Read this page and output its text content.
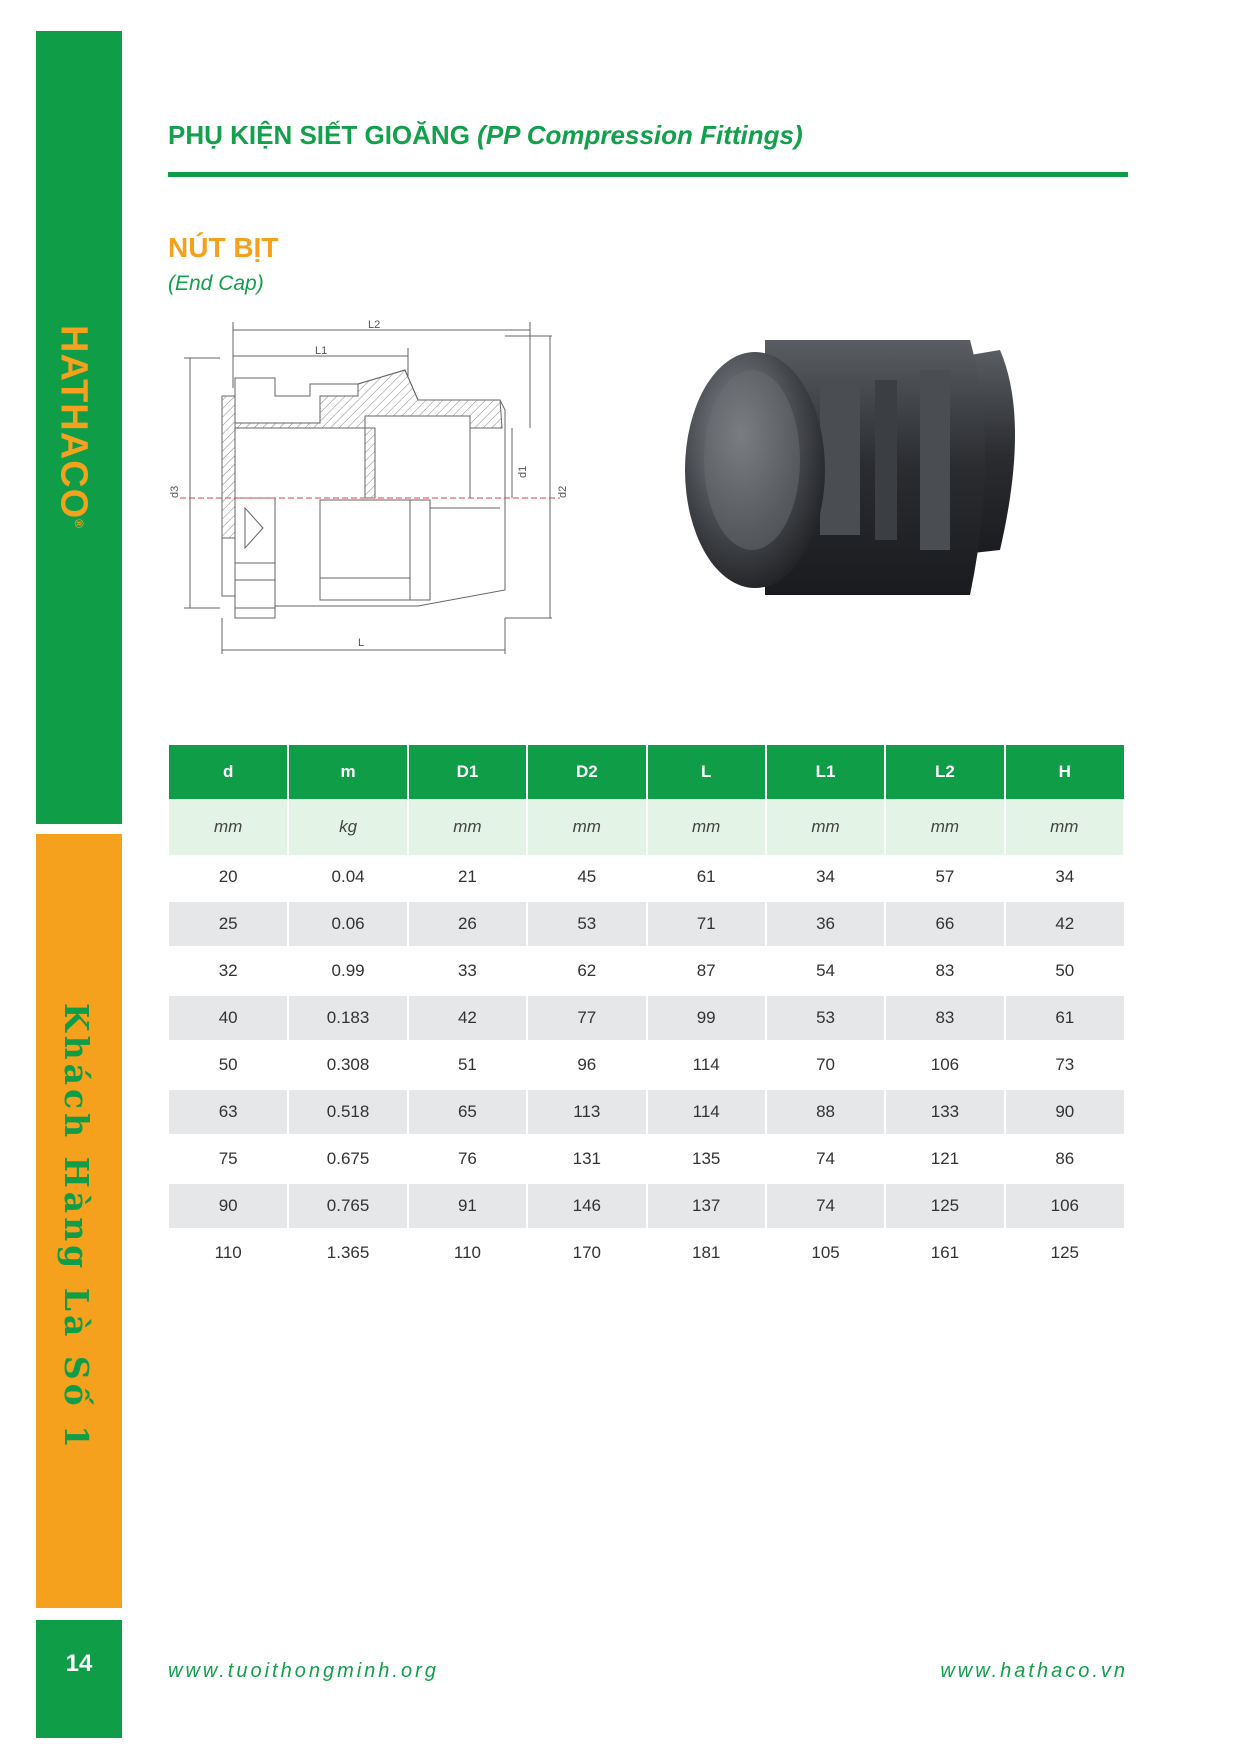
HATHACO®
Khách Hàng Là Số 1
14
PHỤ KIỆN SIẾT GIOĂNG (PP Compression Fittings)
NÚT BỊT
(End Cap)
L2
L1
L
d1
d2
d3
d	m	D1	D2	L	L1	L2	H
mm	kg	mm	mm	mm	mm	mm	mm
20	0.04	21	45	61	34	57	34
25	0.06	26	53	71	36	66	42
32	0.99	33	62	87	54	83	50
40	0.183	42	77	99	53	83	61
50	0.308	51	96	114	70	106	73
63	0.518	65	113	114	88	133	90
75	0.675	76	131	135	74	121	86
90	0.765	91	146	137	74	125	106
110	1.365	110	170	181	105	161	125
www.tuoithongminh.org	www.hathaco.vn
